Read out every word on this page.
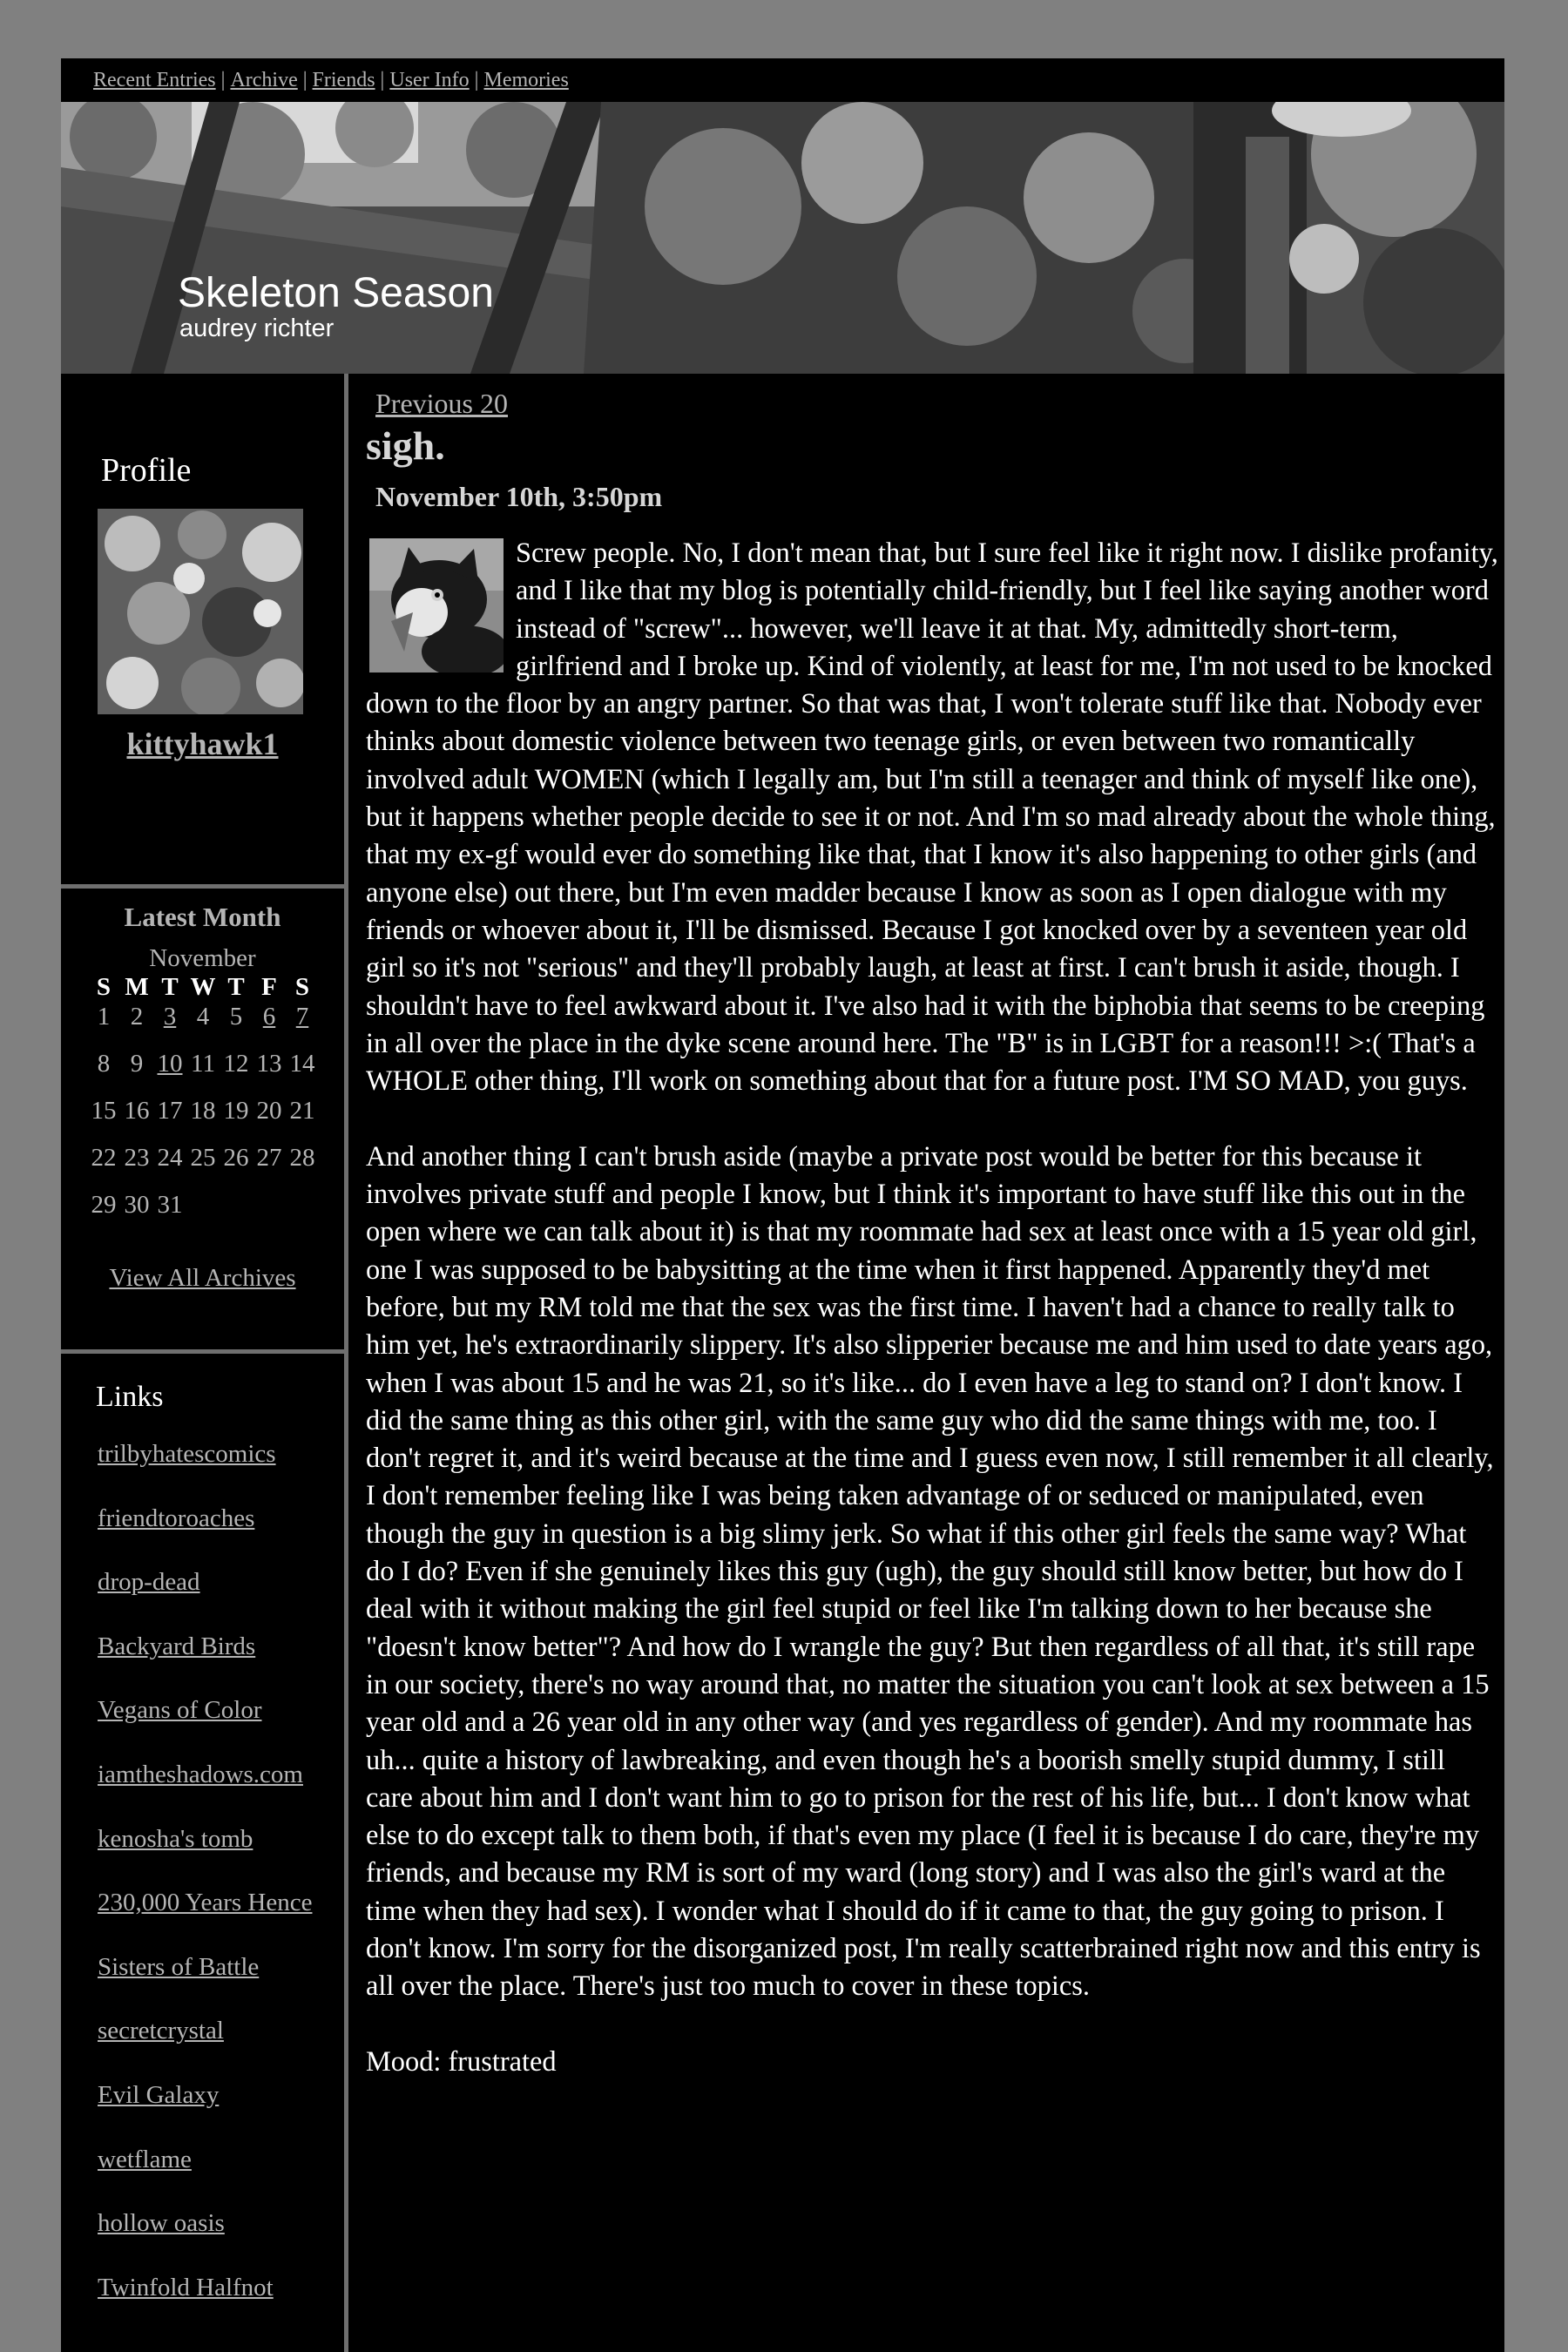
Recent Entries | Archive | Friends | User Info | Memories
Skeleton Season
audrey richter
Profile
kittyhawk1
Latest Month
November
S M T W T F S
1 2 3 4 5 6 7
8 9 10 11 12 13 14
15 16 17 18 19 20 21
22 23 24 25 26 27 28
29 30 31
View All Archives
Links
trilbyhatescomics
friendtoroaches
drop-dead
Backyard Birds
Vegans of Color
iamtheshadows.com
kenosha's tomb
230,000 Years Hence
Sisters of Battle
secretcrystal
Evil Galaxy
wetflame
hollow oasis
Twinfold Halfnot
Previous 20
sigh.
November 10th, 3:50pm

Screw people. No, I don't mean that, but I sure feel like it right now. I dislike profanity, and I like that my blog is potentially child-friendly, but I feel like saying another word instead of "screw"... however, we'll leave it at that. My, admittedly short-term, girlfriend and I broke up. Kind of violently, at least for me, I'm not used to be knocked down to the floor by an angry partner. So that was that, I won't tolerate stuff like that. Nobody ever thinks about domestic violence between two teenage girls, or even between two romantically involved adult WOMEN (which I legally am, but I'm still a teenager and think of myself like one), but it happens whether people decide to see it or not. And I'm so mad already about the whole thing, that my ex-gf would ever do something like that, that I know it's also happening to other girls (and anyone else) out there, but I'm even madder because I know as soon as I open dialogue with my friends or whoever about it, I'll be dismissed. Because I got knocked over by a seventeen year old girl so it's not "serious" and they'll probably laugh, at least at first. I can't brush it aside, though. I shouldn't have to feel awkward about it. I've also had it with the biphobia that seems to be creeping in all over the place in the dyke scene around here. The "B" is in LGBT for a reason!!! >:( That's a WHOLE other thing, I'll work on something about that for a future post. I'M SO MAD, you guys.

And another thing I can't brush aside (maybe a private post would be better for this because it involves private stuff and people I know, but I think it's important to have stuff like this out in the open where we can talk about it) is that my roommate had sex at least once with a 15 year old girl, one I was supposed to be babysitting at the time when it first happened. Apparently they'd met before, but my RM told me that the sex was the first time. I haven't had a chance to really talk to him yet, he's extraordinarily slippery. It's also slipperier because me and him used to date years ago, when I was about 15 and he was 21, so it's like... do I even have a leg to stand on? I don't know. I did the same thing as this other girl, with the same guy who did the same things with me, too. I don't regret it, and it's weird because at the time and I guess even now, I still remember it all clearly, I don't remember feeling like I was being taken advantage of or seduced or manipulated, even though the guy in question is a big slimy jerk. So what if this other girl feels the same way? What do I do? Even if she genuinely likes this guy (ugh), the guy should still know better, but how do I deal with it without making the girl feel stupid or feel like I'm talking down to her because she "doesn't know better"? And how do I wrangle the guy? But then regardless of all that, it's still rape in our society, there's no way around that, no matter the situation you can't look at sex between a 15 year old and a 26 year old in any other way (and yes regardless of gender). And my roommate has uh... quite a history of lawbreaking, and even though he's a boorish smelly stupid dummy, I still care about him and I don't want him to go to prison for the rest of his life, but... I don't know what else to do except talk to them both, if that's even my place (I feel it is because I do care, they're my friends, and because my RM is sort of my ward (long story) and I was also the girl's ward at the time when they had sex). I wonder what I should do if it came to that, the guy going to prison. I don't know. I'm sorry for the disorganized post, I'm really scatterbrained right now and this entry is all over the place. There's just too much to cover in these topics.

Mood: frustrated
